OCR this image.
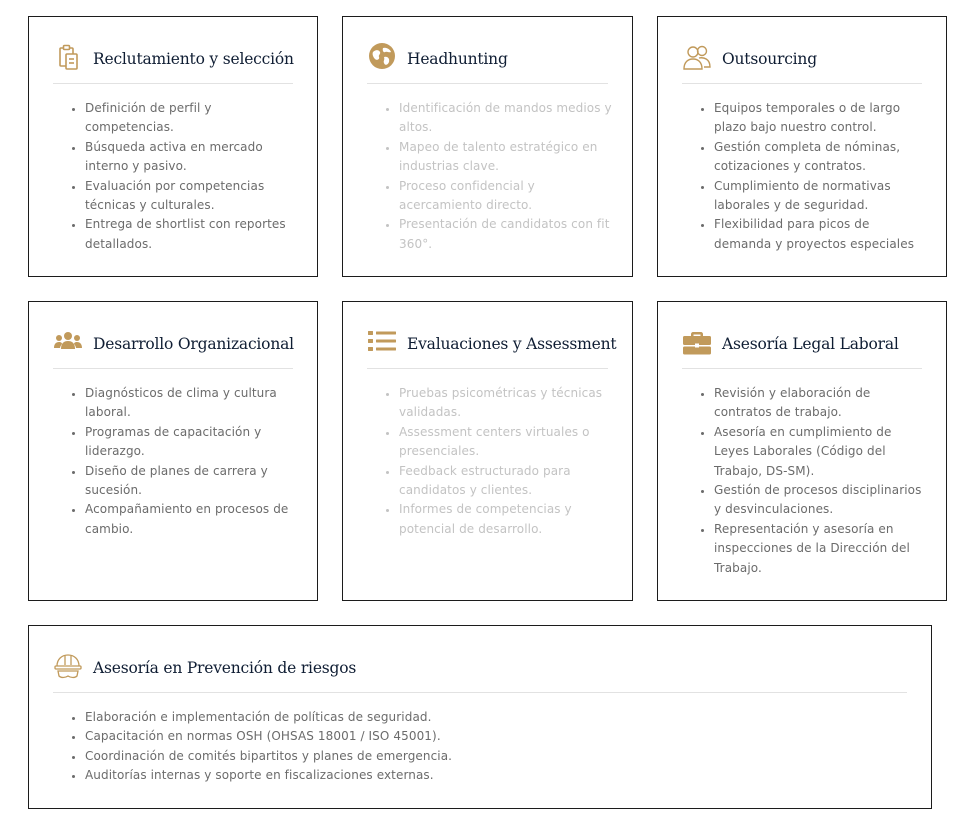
Reclutamiento y selección
• Definición de perfil y competencias.
• Búsqueda activa en mercado interno y pasivo.
• Evaluación por competencias técnicas y culturales.
• Entrega de shortlist con reportes detallados.
Headhunting
• Identificación de mandos medios y altos.
• Mapeo de talento estratégico en industrias clave.
• Proceso confidencial y acercamiento directo.
• Presentación de candidatos con fit 360°.
Outsourcing
• Equipos temporales o de largo plazo bajo nuestro control.
• Gestión completa de nóminas, cotizaciones y contratos.
• Cumplimiento de normativas laborales y de seguridad.
• Flexibilidad para picos de demanda y proyectos especiales
Desarrollo Organizacional
• Diagnósticos de clima y cultura laboral.
• Programas de capacitación y liderazgo.
• Diseño de planes de carrera y sucesión.
• Acompañamiento en procesos de cambio.
Evaluaciones y Assessment
• Pruebas psicométricas y técnicas validadas.
• Assessment centers virtuales o presenciales.
• Feedback estructurado para candidatos y clientes.
• Informes de competencias y potencial de desarrollo.
Asesoría Legal Laboral
• Revisión y elaboración de contratos de trabajo.
• Asesoría en cumplimiento de Leyes Laborales (Código del Trabajo, DS-SM).
• Gestión de procesos disciplinarios y desvinculaciones.
• Representación y asesoría en inspecciones de la Dirección del Trabajo.
Asesoría en Prevención de riesgos
• Elaboración e implementación de políticas de seguridad.
• Capacitación en normas OSH (OHSAS 18001 / ISO 45001).
• Coordinación de comités bipartitos y planes de emergencia.
• Auditorías internas y soporte en fiscalizaciones externas.
